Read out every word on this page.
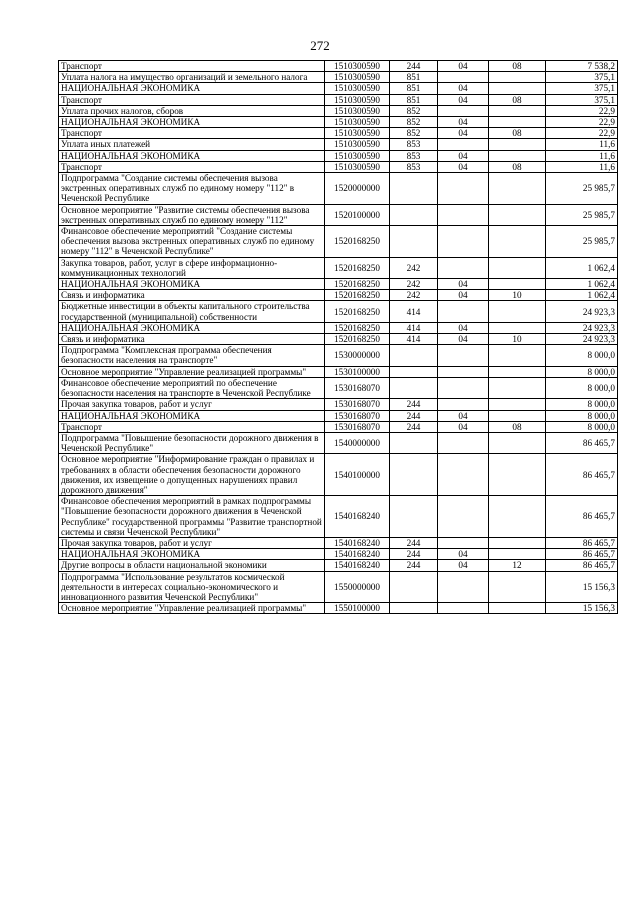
272
Транспорт	1510300590	244	04	08	7 538,2
Уплата налога на имущество организаций и земельного налога	1510300590	851			375,1
НАЦИОНАЛЬНАЯ ЭКОНОМИКА	1510300590	851	04		375,1
Транспорт	1510300590	851	04	08	375,1
Уплата прочих налогов, сборов	1510300590	852			22,9
НАЦИОНАЛЬНАЯ ЭКОНОМИКА	1510300590	852	04		22,9
Транспорт	1510300590	852	04	08	22,9
Уплата иных платежей	1510300590	853			11,6
НАЦИОНАЛЬНАЯ ЭКОНОМИКА	1510300590	853	04		11,6
Транспорт	1510300590	853	04	08	11,6
Подпрограмма "Создание системы обеспечения вызова экстренных оперативных служб по единому номеру "112" в Чеченской Республике	1520000000				25 985,7
Основное мероприятие "Развитие системы обеспечения вызова экстренных оперативных служб по единому номеру "112"	1520100000				25 985,7
Финансовое обеспечение мероприятий "Создание системы обеспечения вызова экстренных оперативных служб по единому номеру "112" в Чеченской Республике"	1520168250				25 985,7
Закупка товаров, работ, услуг в сфере информационно-коммуникационных технологий	1520168250	242			1 062,4
НАЦИОНАЛЬНАЯ ЭКОНОМИКА	1520168250	242	04		1 062,4
Связь и информатика	1520168250	242	04	10	1 062,4
Бюджетные инвестиции в объекты капитального строительства государственной (муниципальной) собственности	1520168250	414			24 923,3
НАЦИОНАЛЬНАЯ ЭКОНОМИКА	1520168250	414	04		24 923,3
Связь и информатика	1520168250	414	04	10	24 923,3
Подпрограмма "Комплексная программа обеспечения безопасности населения на транспорте"	1530000000				8 000,0
Основное мероприятие "Управление реализацией программы"	1530100000				8 000,0
Финансовое обеспечение мероприятий по обеспечение безопасности населения на транспорте в Чеченской Республике	1530168070				8 000,0
Прочая закупка товаров, работ и услуг	1530168070	244			8 000,0
НАЦИОНАЛЬНАЯ ЭКОНОМИКА	1530168070	244	04		8 000,0
Транспорт	1530168070	244	04	08	8 000,0
Подпрограмма "Повышение безопасности дорожного движения в Чеченской Республике"	1540000000				86 465,7
Основное мероприятие "Информирование граждан о правилах и требованиях в области обеспечения безопасности дорожного движения, их извещение о допущенных нарушениях правил дорожного движения"	1540100000				86 465,7
Финансовое обеспечения мероприятий в рамках подпрограммы "Повышение безопасности дорожного движения в Чеченской Республике" государственной программы "Развитие транспортной системы и связи Чеченской Республики"	1540168240				86 465,7
Прочая закупка товаров, работ и услуг	1540168240	244			86 465,7
НАЦИОНАЛЬНАЯ ЭКОНОМИКА	1540168240	244	04		86 465,7
Другие вопросы в области национальной экономики	1540168240	244	04	12	86 465,7
Подпрограмма "Использование результатов космической деятельности в интересах социально-экономического и инновационного развития Чеченской Республики"	1550000000				15 156,3
Основное мероприятие "Управление реализацией программы"	1550100000				15 156,3
